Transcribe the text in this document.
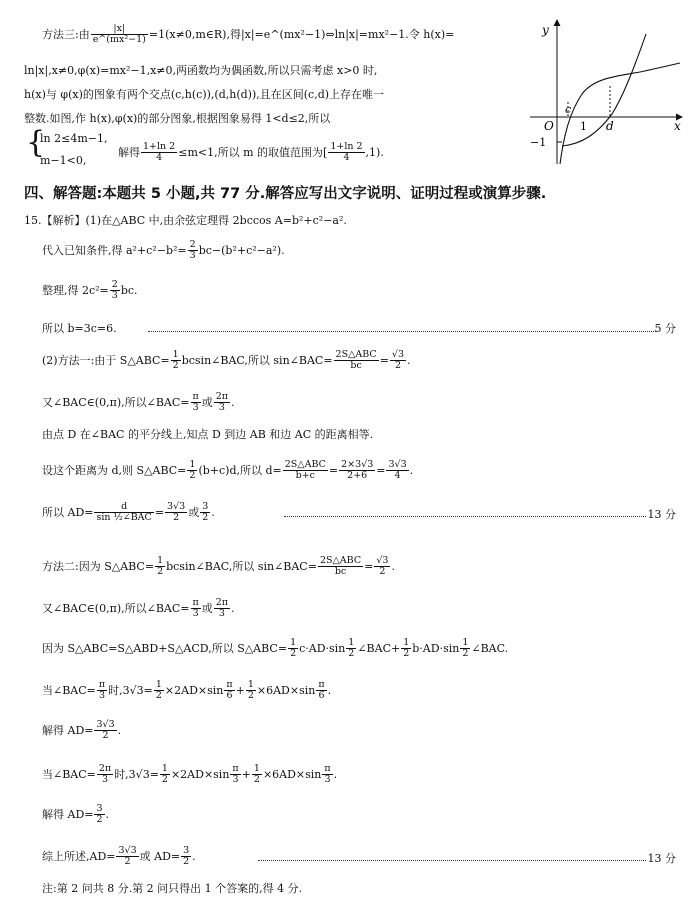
方法三:由 $\frac{|x|}{\text{e\textasciicircum{}(mx²−1)}}$ =1(x≠0,m∈R),得|x|=e^(mx²−1)⇔ln|x|=mx²−1.令 h(x)=
ln|x|,x≠0,φ(x)=mx²−1,x≠0,两函数均为偶函数,所以只需考虑 x>0 时,
h(x)与 φ(x)的图象有两个交点(c,h(c)),(d,h(d)),且在区间(c,d)上存在唯一
整数.如图,作 h(x),φ(x)的部分图象,根据图象易得 1<d≤2,所以
{
ln 2≤4m−1,
m−1<0,
解得 $\frac{1+\ln 2}{4} \le m<1$,所以 m 的取值范围为[ $\frac{1+\ln 2}{4} ,1$).
y
x
O
c
1 d
−1
四、解答题:本题共 5 小题,共 77 分.解答应写出文字说明、证明过程或演算步骤.
15.【解析】(1)在△ABC 中,由余弦定理得 2bccos A=b²+c²−a².
代入已知条件,得 $a^2+c^2-b^2= \frac{2}{3} bc-(b^2+c^2-a^2)$.
整理,得 $2c^2= \frac{2}{3}$ bc.
所以 b=3c=6.	5 分
(2)方法一:由于 S△ABC= $\frac{1}{2}$ bcsin∠BAC,所以 sin∠BAC= $\frac{\text{2S△ABC}}{bc} = \frac{√3}{2}$ .
又∠BAC∈(0,π),所以∠BAC= $\frac{\pi}{3}$ 或 $\frac{2\pi}{3}$ .
由点 D 在∠BAC 的平分线上,知点 D 到边 AB 和边 AC 的距离相等.
设这个距离为 d,则 S△ABC= $\frac{1}{2} (b+c)d$,所以 $d= \frac{\text{2S△ABC}}{b+c} = \frac{2\times 3√3}{2+6} = \frac{3√3}{4}$ .
所以 $AD= \frac{d}{\text{sin ½∠BAC}} = \frac{3√3}{2}$ 或 $\frac{3}{2}$ .	13 分
方法二:因为 S△ABC= $\frac{1}{2}$ bcsin∠BAC,所以 sin∠BAC= $\frac{\text{2S△ABC}}{bc} = \frac{√3}{2}$ .
又∠BAC∈(0,π),所以∠BAC= $\frac{\pi}{3}$ 或 $\frac{2\pi}{3}$ .
因为 S△ABC=S△ABD+S△ACD,所以 S△ABC= $\frac{1}{2} c\cdot AD\cdot\sin \frac{1}{2}$ ∠BAC+ $\frac{1}{2} b\cdot AD\cdot\sin \frac{1}{2}$ ∠BAC.
当∠BAC= $\frac{\pi}{3}$ 时$,3√3= \frac{1}{2} \times 2AD\times\sin \frac{\pi}{6} + \frac{1}{2} \times 6AD\times\sin \frac{\pi}{6}$ .
解得 $AD= \frac{3√3}{2}$ .
当∠BAC= $\frac{2\pi}{3}$ 时$,3√3= \frac{1}{2} \times 2AD\times\sin \frac{\pi}{3} + \frac{1}{2} \times 6AD\times\sin \frac{\pi}{3}$ .
解得 $AD= \frac{3}{2}$ .
综上所述$,AD= \frac{3√3}{2}$ 或 $AD= \frac{3}{2}$ .	13 分
注:第 2 问共 8 分.第 2 问只得出 1 个答案的,得 4 分.
